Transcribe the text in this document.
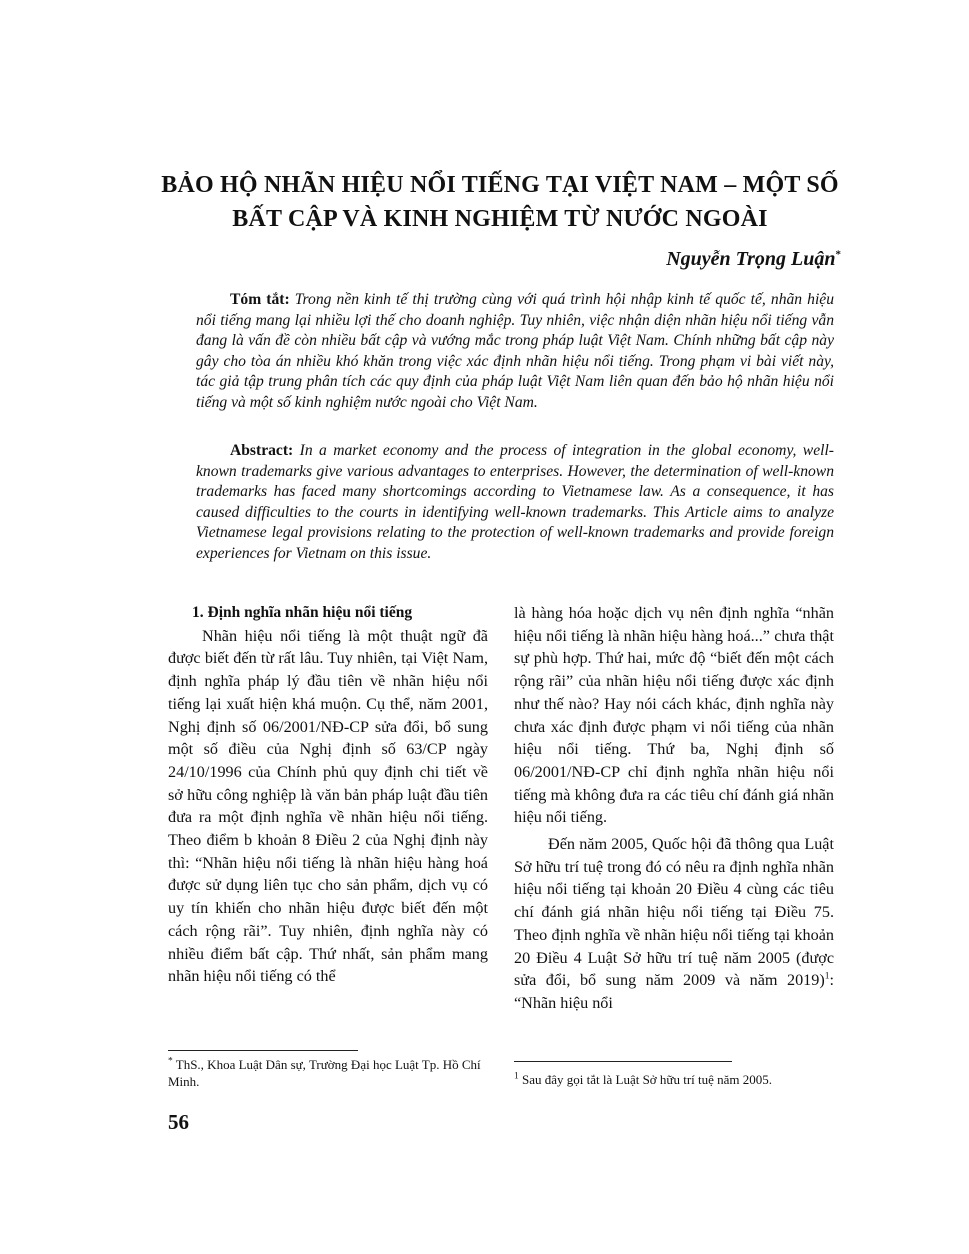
BẢO HỘ NHÃN HIỆU NỔI TIẾNG TẠI VIỆT NAM – MỘT SỐ
BẤT CẬP VÀ KINH NGHIỆM TỪ NƯỚC NGOÀI
Nguyễn Trọng Luận*

Tóm tắt: Trong nền kinh tế thị trường cùng với quá trình hội nhập kinh tế quốc tế, nhãn hiệu nổi tiếng mang lại nhiều lợi thế cho doanh nghiệp. Tuy nhiên, việc nhận diện nhãn hiệu nổi tiếng vẫn đang là vấn đề còn nhiều bất cập và vướng mắc trong pháp luật Việt Nam. Chính những bất cập này gây cho tòa án nhiều khó khăn trong việc xác định nhãn hiệu nổi tiếng. Trong phạm vi bài viết này, tác giả tập trung phân tích các quy định của pháp luật Việt Nam liên quan đến bảo hộ nhãn hiệu nổi tiếng và một số kinh nghiệm nước ngoài cho Việt Nam.

Abstract: In a market economy and the process of integration in the global economy, well-known trademarks give various advantages to enterprises. However, the determination of well-known trademarks has faced many shortcomings according to Vietnamese law. As a consequence, it has caused difficulties to the courts in identifying well-known trademarks. This Article aims to analyze Vietnamese legal provisions relating to the protection of well-known trademarks and provide foreign experiences for Vietnam on this issue.

1. Định nghĩa nhãn hiệu nổi tiếng

Nhãn hiệu nổi tiếng là một thuật ngữ đã được biết đến từ rất lâu. Tuy nhiên, tại Việt Nam, định nghĩa pháp lý đầu tiên về nhãn hiệu nổi tiếng lại xuất hiện khá muộn. Cụ thể, năm 2001, Nghị định số 06/2001/NĐ-CP sửa đổi, bổ sung một số điều của Nghị định số 63/CP ngày 24/10/1996 của Chính phủ quy định chi tiết về sở hữu công nghiệp là văn bản pháp luật đầu tiên đưa ra một định nghĩa về nhãn hiệu nổi tiếng. Theo điểm b khoản 8 Điều 2 của Nghị định này thì: “Nhãn hiệu nổi tiếng là nhãn hiệu hàng hoá được sử dụng liên tục cho sản phẩm, dịch vụ có uy tín khiến cho nhãn hiệu được biết đến một cách rộng rãi”. Tuy nhiên, định nghĩa này có nhiều điểm bất cập. Thứ nhất, sản phẩm mang nhãn hiệu nổi tiếng có thể

là hàng hóa hoặc dịch vụ nên định nghĩa “nhãn hiệu nổi tiếng là nhãn hiệu hàng hoá...” chưa thật sự phù hợp. Thứ hai, mức độ “biết đến một cách rộng rãi” của nhãn hiệu nổi tiếng được xác định như thế nào? Hay nói cách khác, định nghĩa này chưa xác định được phạm vi nổi tiếng của nhãn hiệu nổi tiếng. Thứ ba, Nghị định số 06/2001/NĐ-CP chỉ định nghĩa nhãn hiệu nổi tiếng mà không đưa ra các tiêu chí đánh giá nhãn hiệu nổi tiếng.

Đến năm 2005, Quốc hội đã thông qua Luật Sở hữu trí tuệ trong đó có nêu ra định nghĩa nhãn hiệu nổi tiếng tại khoản 20 Điều 4 cùng các tiêu chí đánh giá nhãn hiệu nổi tiếng tại Điều 75. Theo định nghĩa về nhãn hiệu nổi tiếng tại khoản 20 Điều 4 Luật Sở hữu trí tuệ năm 2005 (được sửa đổi, bổ sung năm 2009 và năm 2019)$^1$: “Nhãn hiệu nổi

* ThS., Khoa Luật Dân sự, Trường Đại học Luật Tp. Hồ Chí Minh.	$^1$ Sau đây gọi tắt là Luật Sở hữu trí tuệ năm 2005.
56
